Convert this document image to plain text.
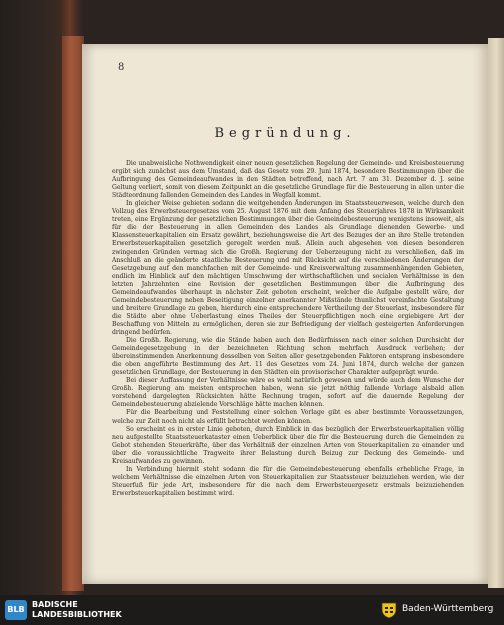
8
Begründung.

Die unabweisliche Nothwendigkeit einer neuen gesetzlichen Regelung der Gemeinde- und Kreisbesteuerung ergibt sich zunächst aus dem Umstand, daß das Gesetz vom 29. Juni 1874, besondere Bestimmungen über die Aufbringung des Gemeindeaufwandes in den Städten betreffend, nach Art. 7 am 31. Dezember d. J. seine Geltung verliert, somit von diesem Zeitpunkt an die gesetzliche Grundlage für die Besteuerung in allen unter die Städteordnung fallenden Gemeinden des Landes in Wegfall kommt.

In gleicher Weise gebieten sodann die weitgehenden Änderungen im Staatssteuerwesen, welche durch den Vollzug des Erwerbsteuergesetzes vom 25. August 1876 mit dem Anfang des Steuerjahres 1878 in Wirksamkeit treten, eine Ergänzung der gesetzlichen Bestimmungen über die Gemeindebesteuerung wenigstens insoweit, als für die der Besteuerung in allen Gemeinden des Landes als Grundlage dienenden Gewerbe- und Klassensteuerkapitalien ein Ersatz gewährt, beziehungsweise die Art des Bezuges der an ihre Stelle tretenden Erwerbsteuerkapitalien gesetzlich geregelt werden muß. Allein auch abgesehen von diesen besonderen zwingenden Gründen vermag sich die Großh. Regierung der Ueberzeugung nicht zu verschließen, daß im Anschluß an die geänderte staatliche Besteuerung und mit Rücksicht auf die verschiedenen Änderungen der Gesetzgebung auf den manchfachen mit der Gemeinde- und Kreisverwaltung zusammenhängenden Gebieten, endlich im Hinblick auf den mächtigen Umschwung der wirthschaftlichen und socialen Verhältnisse in den letzten Jahrzehnten eine Revision der gesetzlichen Bestimmungen über die Aufbringung des Gemeindeaufwandes überhaupt in nächster Zeit geboten erscheint, welcher die Aufgabe gestellt wäre, der Gemeindebesteuerung neben Beseitigung einzelner anerkannter Mißstände thunlichst vereinfachte Gestaltung und breitere Grundlage zu geben, hierdurch eine entsprechendere Vertheilung der Steuerlast, insbesondere für die Städte aber ohne Ueberlastung eines Theiles der Steuerpflichtigen noch eine ergiebigere Art der Beschaffung von Mitteln zu ermöglichen, deren sie zur Befriedigung der vielfach gesteigerten Anforderungen dringend bedürfen.

Die Großh. Regierung, wie die Stände haben auch den Bedürfnissen nach einer solchen Durchsicht der Gemeindegesetzgebung in der bezeichneten Richtung schon mehrfach Ausdruck verliehen; der übereinstimmenden Anerkennung desselben von Seiten aller gesetzgebenden Faktoren entsprang insbesondere die oben angeführte Bestimmung des Art. 11 des Gesetzes vom 24. Juni 1874, durch welche der ganzen gesetzlichen Grundlage, der Besteuerung in den Städten ein provisorischer Charakter aufgeprägt wurde.

Bei dieser Auffassung der Verhältnisse wäre es wohl natürlich gewesen und würde auch dem Wunsche der Großh. Regierung am meisten entsprochen haben, wenn sie jetzt nöthig fallende Vorlage alsbald allen vorstehend dargelegten Rücksichten hätte Rechnung tragen, sofort auf die dauernde Regelung der Gemeindebesteuerung abzielende Vorschläge hätte machen können.

Für die Bearbeitung und Feststellung einer solchen Vorlage gibt es aber bestimmte Voraussetzungen, welche zur Zeit noch nicht als erfüllt betrachtet werden können.

So erscheint es in erster Linie geboten, durch Einblick in das bezüglich der Erwerbsteuerkapitalien völlig neu aufgestellte Staatssteuerkataster einen Ueberblick über die für die Besteuerung durch die Gemeinden zu Gebot stehenden Steuerkräfte, über das Verhältniß der einzelnen Arten von Steuerkapitalien zu einander und über die voraussichtliche Tragweite ihrer Belastung durch Beizug zur Deckung des Gemeinde- und Kreisaufwandes zu gewinnen.

In Verbindung hiermit steht sodann die für die Gemeindebesteuerung ebenfalls erhebliche Frage, in welchem Verhältnisse die einzelnen Arten von Steuerkapitalien zur Staatssteuer beizuziehen werden, wie der Steuerfuß für jede Art, insbesondere für die nach dem Erwerbsteuergesetz erstmals beizuziehenden Erwerbsteuerkapitalien bestimmt wird.

BLB
BADISCHE
LANDESBIBLIOTHEK
Baden-Württemberg
